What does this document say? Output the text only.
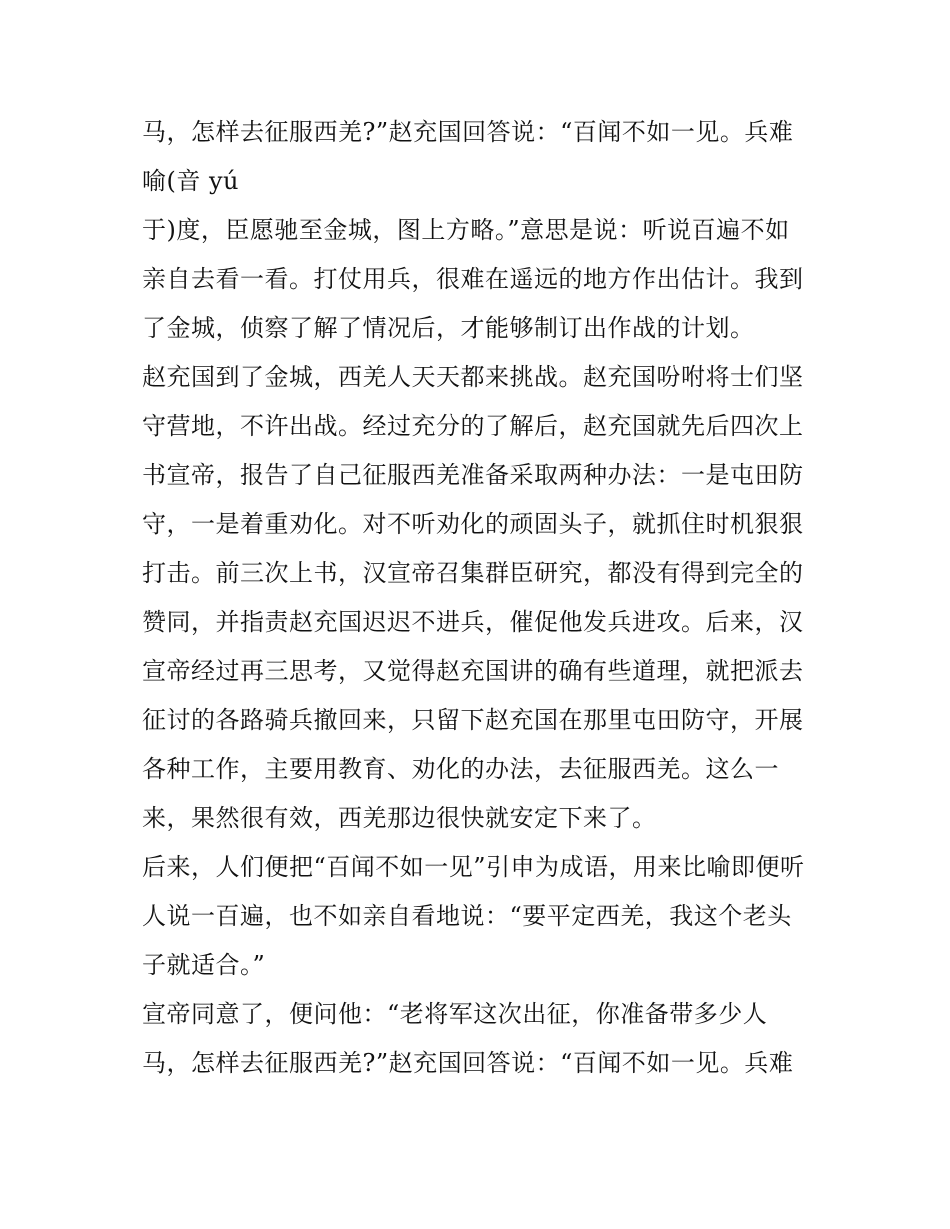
马，怎样去征服西羌?”赵充国回答说：“百闻不如一见。兵难
喻(音 yú
于)度，臣愿驰至金城，图上方略。”意思是说：听说百遍不如
亲自去看一看。打仗用兵，很难在遥远的地方作出估计。我到
了金城，侦察了解了情况后，才能够制订出作战的计划。
赵充国到了金城，西羌人天天都来挑战。赵充国吩咐将士们坚
守营地，不许出战。经过充分的了解后，赵充国就先后四次上
书宣帝，报告了自己征服西羌准备采取两种办法：一是屯田防
守，一是着重劝化。对不听劝化的顽固头子，就抓住时机狠狠
打击。前三次上书，汉宣帝召集群臣研究，都没有得到完全的
赞同，并指责赵充国迟迟不进兵，催促他发兵进攻。后来，汉
宣帝经过再三思考，又觉得赵充国讲的确有些道理，就把派去
征讨的各路骑兵撤回来，只留下赵充国在那里屯田防守，开展
各种工作，主要用教育、劝化的办法，去征服西羌。这么一
来，果然很有效，西羌那边很快就安定下来了。
后来，人们便把“百闻不如一见”引申为成语，用来比喻即便听
人说一百遍，也不如亲自看地说：“要平定西羌，我这个老头
子就适合。”
宣帝同意了，便问他：“老将军这次出征，你准备带多少人
马，怎样去征服西羌?”赵充国回答说：“百闻不如一见。兵难
